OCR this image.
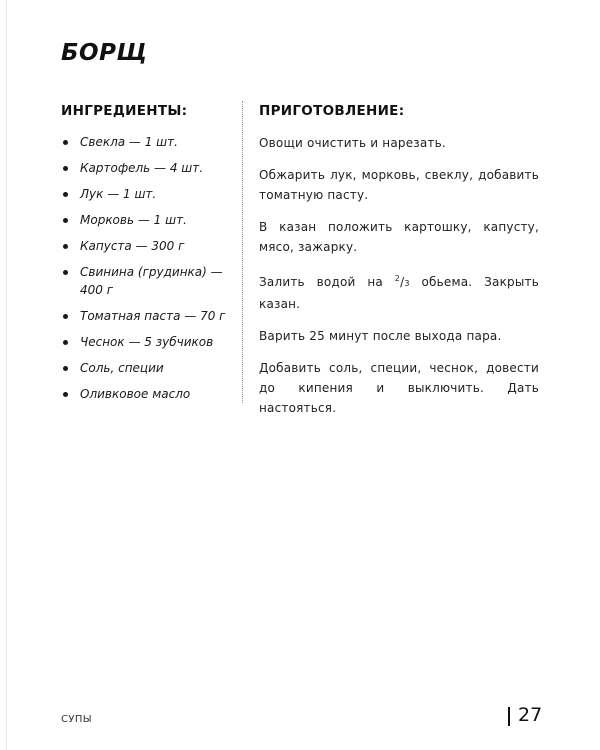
БОРЩ
ИНГРЕДИЕНТЫ:
Свекла — 1 шт.
Картофель — 4 шт.
Лук — 1 шт.
Морковь — 1 шт.
Капуста — 300 г
Свинина (грудинка) — 400 г
Томатная паста — 70 г
Чеснок — 5 зубчиков
Соль, специи
Оливковое масло
ПРИГОТОВЛЕНИЕ:

Овощи очистить и нарезать.

Обжарить лук, морковь, свеклу, добавить томатную пасту.

В казан положить картошку, капусту, мясо, зажарку.

Залить водой на $^2$/3 обьема. Закрыть казан.

Варить 25 минут после выхода пара.

Добавить соль, специи, чеснок, довести до кипения и выключить. Дать настояться.

СУПЫ	27
